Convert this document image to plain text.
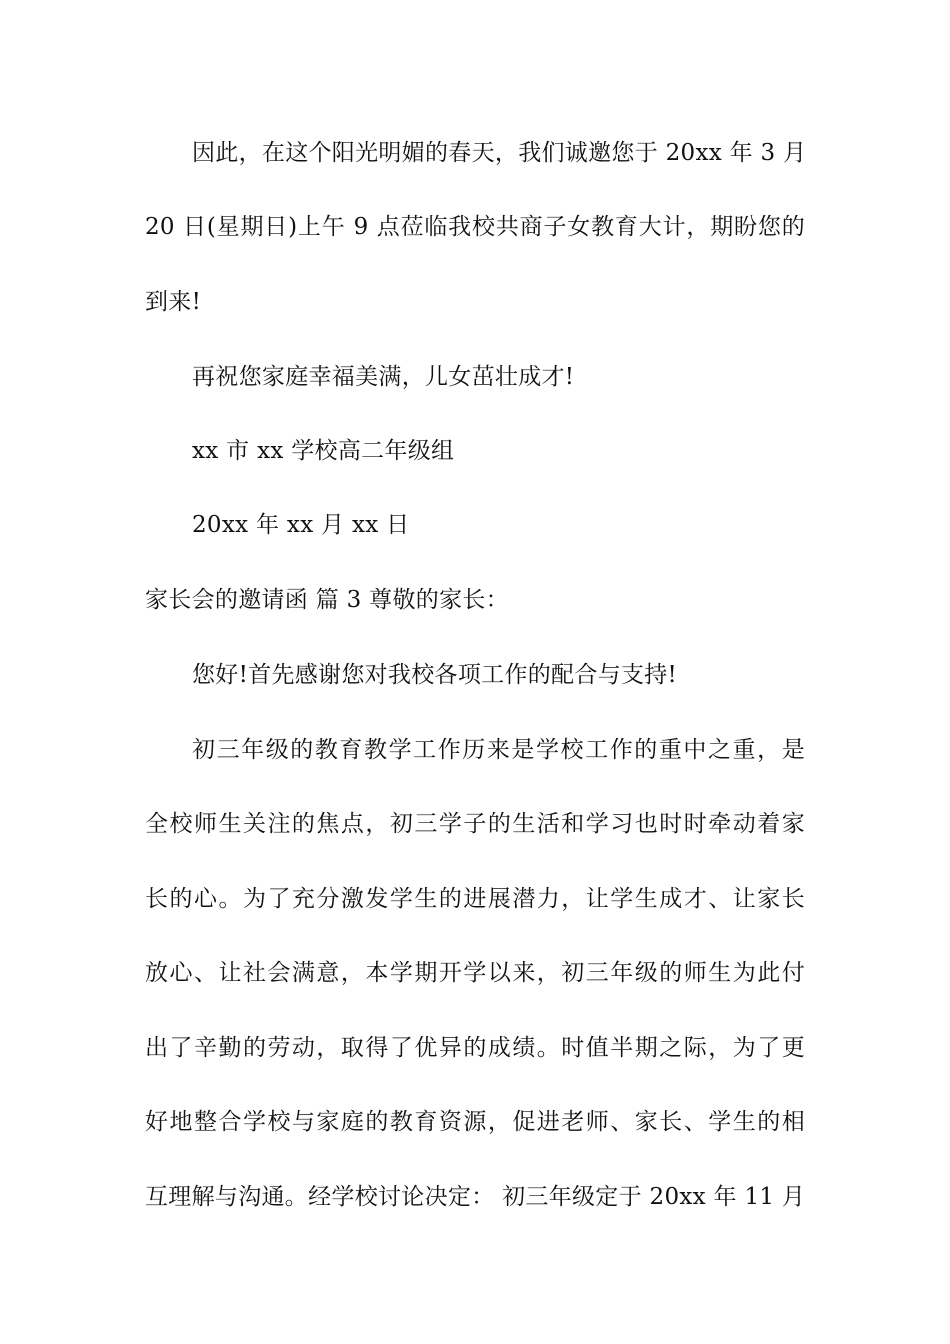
因此，在这个阳光明媚的春天，我们诚邀您于 20xx 年 3 月
20 日(星期日)上午 9 点莅临我校共商子女教育大计，期盼您的
到来!
再祝您家庭幸福美满，儿女茁壮成才!
xx 市 xx 学校高二年级组
20xx 年 xx 月 xx 日
家长会的邀请函 篇 3 尊敬的家长：
您好!首先感谢您对我校各项工作的配合与支持!
初三年级的教育教学工作历来是学校工作的重中之重，是
全校师生关注的焦点，初三学子的生活和学习也时时牵动着家
长的心。为了充分激发学生的进展潜力，让学生成才、让家长
放心、让社会满意，本学期开学以来，初三年级的师生为此付
出了辛勤的劳动，取得了优异的成绩。时值半期之际，为了更
好地整合学校与家庭的教育资源，促进老师、家长、学生的相
互理解与沟通。经学校讨论决定： 初三年级定于 20xx 年 11 月
